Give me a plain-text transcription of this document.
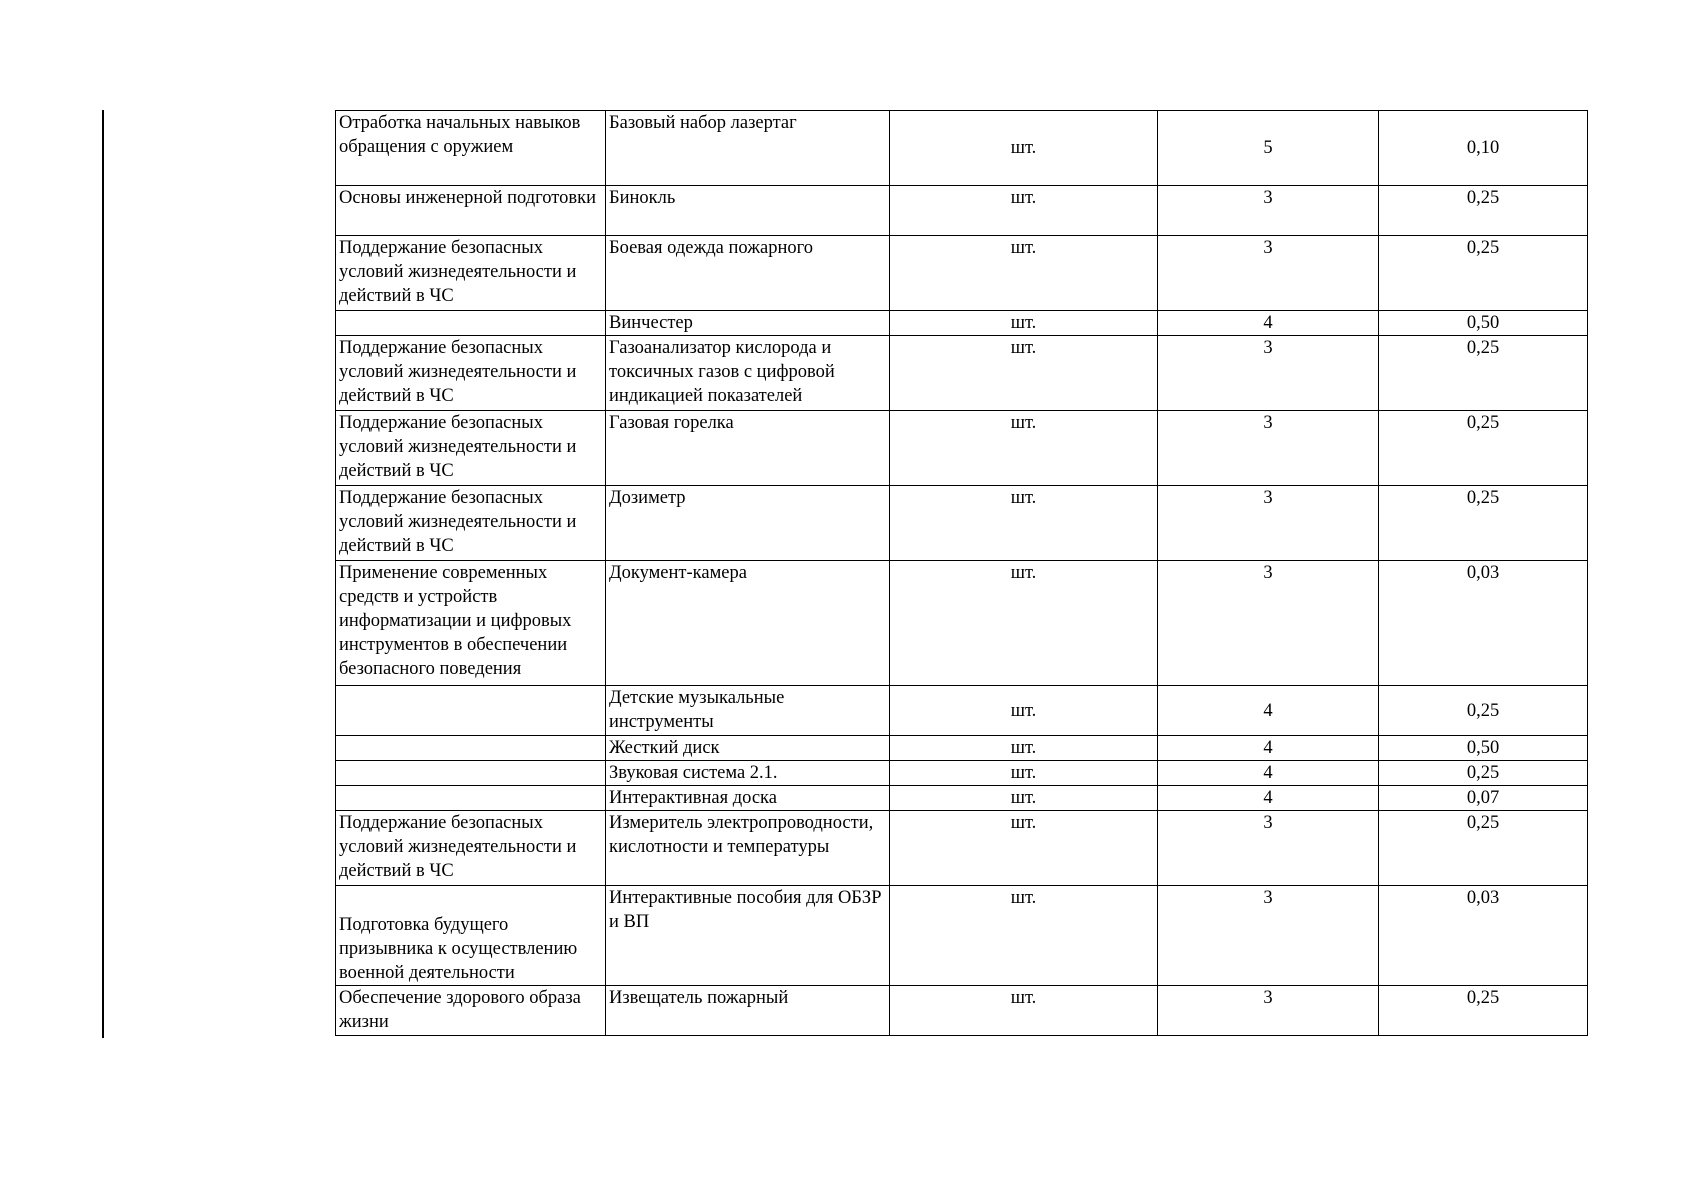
Отработка начальных навыков обращения с оружием	Базовый набор лазертаг	шт.	5	0,10
Основы инженерной подготовки	Бинокль	шт.	3	0,25
Поддержание безопасных условий жизнедеятельности и действий в ЧС	Боевая одежда пожарного	шт.	3	0,25
	Винчестер	шт.	4	0,50
Поддержание безопасных условий жизнедеятельности и действий в ЧС	Газоанализатор кислорода и токсичных газов с цифровой индикацией показателей	шт.	3	0,25
Поддержание безопасных условий жизнедеятельности и действий в ЧС	Газовая горелка	шт.	3	0,25
Поддержание безопасных условий жизнедеятельности и действий в ЧС	Дозиметр	шт.	3	0,25
Применение современных средств и устройств информатизации и цифровых инструментов в обеспечении безопасного поведения	Документ-камера	шт.	3	0,03
	Детские музыкальные инструменты	шт.	4	0,25
	Жесткий диск	шт.	4	0,50
	Звуковая система 2.1.	шт.	4	0,25
	Интерактивная доска	шт.	4	0,07
Поддержание безопасных условий жизнедеятельности и действий в ЧС	Измеритель электропроводности, кислотности и температуры	шт.	3	0,25
Подготовка будущего призывника к осуществлению военной деятельности	Интерактивные пособия для ОБЗР и ВП	шт.	3	0,03
Обеспечение здорового образа жизни	Извещатель пожарный	шт.	3	0,25
